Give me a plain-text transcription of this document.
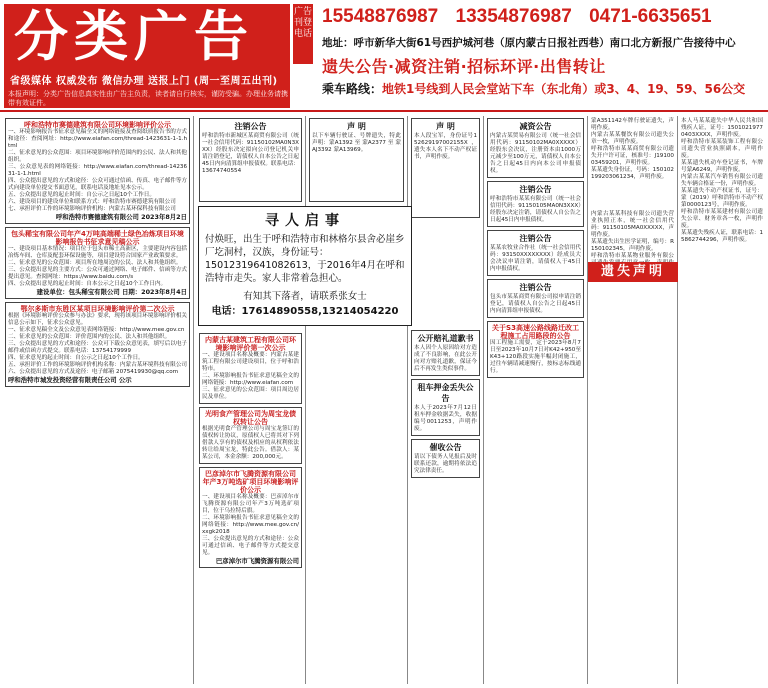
分类广告
省级媒体 权威发布 微信办理 送报上门 (周一至周五出刊)
本报声明：分类广告信息真实性由广告主负责，读者请自行核实，谨防受骗。办理业务请携带有效证件。
广告刊登电话
15548876987 13354876987 0471-6635651
地址：呼市新华大街61号西护城河巷（原内蒙古日报社西巷）南口北方新报广告接待中心
遗失公告·减资注销·招标环评·出售转让
乘车路线：地铁1号线到人民会堂站下车（东北角）或3、4、19、59、56公交
呼和浩特市赛德建筑有限公司环境影响评价公示
一、环境影响报告书征求意见稿全文的网络链接及查阅纸质报告书的方式和途径：查阅网址：http://www.eiafan.com/thread-1423631-1-1.html
二、征求意见的公众范围：项目环境影响评价范围内的公民、法人和其他组织。
三、公众意见表的网络链接：http://www.eiafan.com/thread-1423631-1-1.html
四、公众提出意见的方式和途径：公众可通过信函、传真、电子邮件等方式向建设单位提交书面意见，联系电话及地址见本公示。
五、公众提出意见的起止时间：自公示之日起10个工作日。
六、建设项目的建设单位和联系方式：呼和浩特市赛德建筑有限公司
七、承担评价工作的环境影响评价机构：内蒙古某环保科技有限公司
呼和浩特市赛德建筑有限公司 2023年8月2日
包头稀宝有限公司年产4万吨高端稀土绿色冶炼项目环境影响报告书征求意见稿公示
一、建设项目基本情况：项目位于包头市稀土高新区，主要建设内容包括冶炼车间、仓库及配套环保设施等，项目建设符合国家产业政策要求。
二、征求意见的公众范围：项目所在地周边的公民、法人和其他组织。
三、公众提出意见的主要方式：公众可通过网络、电子邮件、信函等方式提出意见。查阅网址：https://www.baidu.com/s
四、公众提出意见的起止时间：自本公示之日起10个工作日内。
建设单位：包头稀宝有限公司 日期：2023年8月4日
鄂尔多斯市东胜区某项目环境影响评价第二次公示
根据《环境影响评价公众参与办法》要求，现将该项目环境影响评价相关信息公示如下，征求公众意见。
一、征求意见稿全文及公众意见表网络链接：http://www.mee.gov.cn
二、征求意见的公众范围：评价范围内的公民、法人和其他组织。
三、公众提出意见的方式和途径：公众可下载公众意见表，填写后以电子邮件或信函方式提交。联系电话：13754179999
四、征求意见的起止时间：自公示之日起10个工作日。
五、承担评价工作的环境影响评价机构名称：内蒙古某环境科技有限公司
六、公众提出意见的方式及途径：电子邮箱 2075419930@qq.com
呼和浩特市城发投资经营有限责任公司 公示
注销公告
呼和浩特市新城区某商贸有限公司（统一社会信用代码：91150102MA0N3XXX）经股东决定拟向公司登记机关申请注销登记，请债权人自本公告之日起45日内向清算组申报债权。联系电话：13674740554
内蒙古某建筑工程有限公司环境影响评价第一次公示
一、建设项目名称及概要：内蒙古某建筑工程有限公司建设项目，位于呼和浩特市。
二、环境影响报告书征求意见稿全文的网络链接：http://www.eiafan.com
三、征求意见的公众范围：项目周边居民及单位。
光明食产管理公司为周宝龙债权转让公告
根据光明食产管理公司与周宝龙签订的债权转让协议，原债权人已将其对下列借款人享有的债权及相应的从权利依法转让给周宝龙，特此公告。借款人：某某公司，本金余额：200,000元。
巴彦淖尔市飞腾资源有限公司年产3万吨选矿项目环境影响评价公示
一、建设项目名称及概要：巴彦淖尔市飞腾资源有限公司年产3万吨选矿项目，位于乌拉特后旗。
二、环境影响报告书征求意见稿全文的网络链接：http://www.mee.gov.cn/xxgk2018
三、公众提出意见的方式和途径：公众可通过信函、电子邮件等方式提交意见。
巴彦淖尔市飞腾资源有限公司
声 明
以下车辆行驶证、号牌遗失，特此声明：蒙A1392 至 蒙A2377 至 蒙AJ3392 蒙A13969。
声 明
本人段宝军，身份证号152629197002155X，遗失本人名下不动产权证书，声明作废。
公开赔礼道歉书
本人因个人原因给对方造成了不良影响，在此公开向对方赔礼道歉，保证今后不再发生类似事件。
租车押金丢失公告
本人于2023年7月12日租车押金收据丢失，收据编号0011253，声明作废。
催收公告
请以下债务人见报后及时联系还款，逾期将依法追究法律责任。
减资公告
内蒙古某贸易有限公司（统一社会信用代码：91150102MA0XXXXX）经股东会决议，注册资本由1000万元减少至100万元，请债权人自本公告之日起45日内向本公司申报债权。
注销公告
呼和浩特市某某有限公司（统一社会信用代码：91150105MA0N3XXX）经股东决定注销，请债权人自公告之日起45日内申报债权。
注销公告
某某农牧业合作社（统一社会信用代码：93150XXXXXXXX）经成员大会决议申请注销，请债权人于45日内申报债权。
注销公告
包头市某某商贸有限公司拟申请注销登记，请债权人自公告之日起45日内向清算组申报债权。
关于S3高速公路线路迁改工程施工占用路段的公告
因工程施工需要，定于2023年8月7日至2023年10月7日对K42+950至K43+120路段实施半幅封闭施工，过往车辆请减速慢行，按标志标线通行。
蒙A351142车牌行驶证遗失，声明作废。
内蒙古某某餐饮有限公司遗失公章一枚，声明作废。
呼和浩特市某某商贸有限公司遗失开户许可证，核准号：J1910003459201，声明作废。
某某遗失身份证，号码：150102199203061234，声明作废。
内蒙古某某科技有限公司遗失营业执照正本，统一社会信用代码：91150105MA0XXXXX，声明作废。
某某遗失出生医学证明，编号：R150102345，声明作废。
呼和浩特市某某物业服务有限公
遗失声明
本人马某某遗失中华人民共和国残疾人证，证号：15010219770403XXXX，声明作废。
呼和浩特市某某装饰工程有限公司遗失营业执照副本，声明作废。
某某遗失机动车登记证书，车牌号蒙A6249，声明作废。
内蒙古某某汽车销售有限公司遗失车辆合格证一份，声明作废。
某某遗失不动产权证书，证号：蒙（2019）呼和浩特市不动产权第0000123号，声明作废。
呼和浩特市某某建材有限公司遗失公章、财务章各一枚，声明作废。
某某遗失残疾人证，联系电话：15862744296，声明作废。
寻人启事
付焕旺，出生于呼和浩特市和林格尔县舍必崖乡厂圪洞村，汉族，身份证号：15012319641082613，于2016年4月在呼和浩特市走失。家人非常着急担心。
有知其下落者，请联系张女士
电话：17614890558,13214054220
